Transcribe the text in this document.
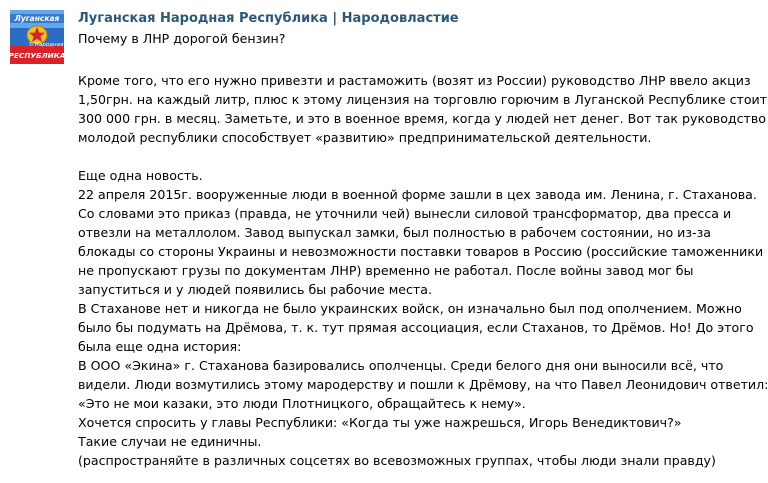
Луганская
ℬ Народная
РЕСПУБЛИКА
Луганская Народная Республика | Народовластие
Почему в ЛНР дорогой бензин?
Кроме того, что его нужно привезти и растаможить (возят из России) руководство ЛНР ввело акциз
1,50грн. на каждый литр, плюс к этому лицензия на торговлю горючим в Луганской Республике стоит
300 000 грн. в месяц. Заметьте, и это в военное время, когда у людей нет денег. Вот так руководство
молодой республики способствует «развитию» предпринимательской деятельности.
Еще одна новость.
22 апреля 2015г. вооруженные люди в военной форме зашли в цех завода им. Ленина, г. Стаханова.
Со словами это приказ (правда, не уточнили чей) вынесли силовой трансформатор, два пресса и
отвезли на металлолом. Завод выпускал замки, был полностью в рабочем состоянии, но из-за
блокады со стороны Украины и невозможности поставки товаров в Россию (российские таможенники
не пропускают грузы по документам ЛНР) временно не работал. После войны завод мог бы
запуститься и у людей появились бы рабочие места.
В Стаханове нет и никогда не было украинских войск, он изначально был под ополчением. Можно
было бы подумать на Дрёмова, т. к. тут прямая ассоциация, если Стаханов, то Дрёмов. Но! До этого
была еще одна история:
В ООО «Экина» г. Стаханова базировались ополченцы. Среди белого дня они выносили всё, что
видели. Люди возмутились этому мародерству и пошли к Дрёмову, на что Павел Леонидович ответил:
«Это не мои казаки, это люди Плотницкого, обращайтесь к нему».
Хочется спросить у главы Республики: «Когда ты уже нажрешься, Игорь Венедиктович?»
Такие случаи не единичны.
(распространяйте в различных соцсетях во всевозможных группах, чтобы люди знали правду)
